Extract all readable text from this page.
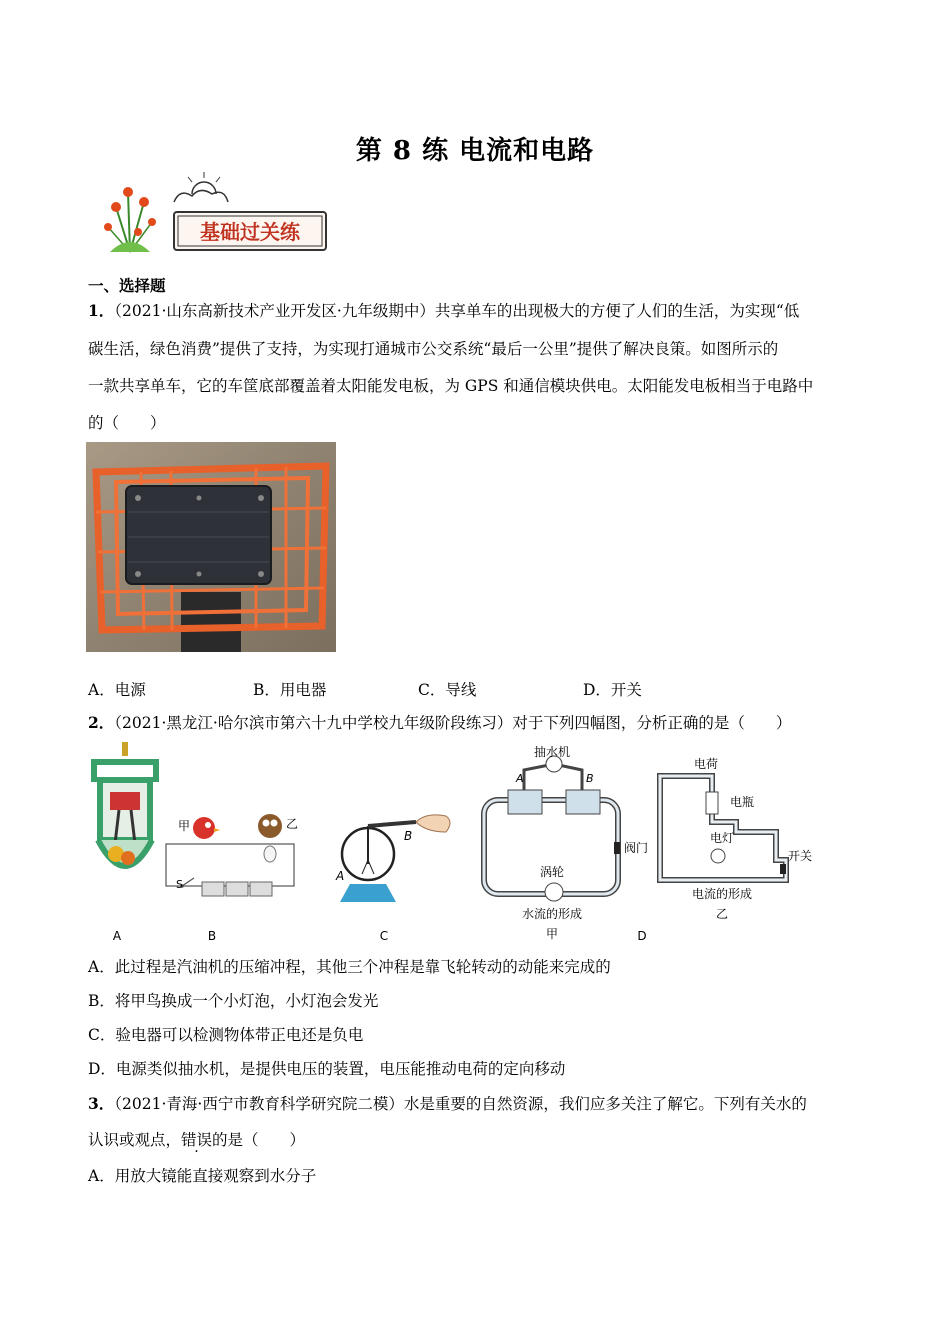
第 8 练 电流和电路
基础过关练
一、选择题
1．（2021·山东高新技术产业开发区·九年级期中）共享单车的出现极大的方便了人们的生活，为实现“低
碳生活，绿色消费”提供了支持，为实现打通城市公交系统“最后一公里”提供了解决良策。如图所示的
一款共享单车，它的车筐底部覆盖着太阳能发电板，为 GPS 和通信模块供电。太阳能发电板相当于电路中
的（　　）
A．电源	B．用电器	C．导线	D．开关
2．（2021·黑龙江·哈尔滨市第六十九中学校九年级阶段练习）对于下列四幅图，分析正确的是（　　）
A
S
甲	乙
B
A
B
C
抽水机
A	B
涡轮
阀门
水流的形成
甲
电荷
电瓶
电灯
开关
电流的形成
乙
D
A．此过程是汽油机的压缩冲程，其他三个冲程是靠飞轮转动的动能来完成的
B．将甲鸟换成一个小灯泡，小灯泡会发光
C．验电器可以检测物体带正电还是负电
D．电源类似抽水机，是提供电压的装置，电压能推动电荷的定向移动
3．（2021·青海·西宁市教育科学研究院二模）水是重要的自然资源，我们应多关注了解它。下列有关水的
认识或观点，错误的是（　　）
A．用放大镜能直接观察到水分子
